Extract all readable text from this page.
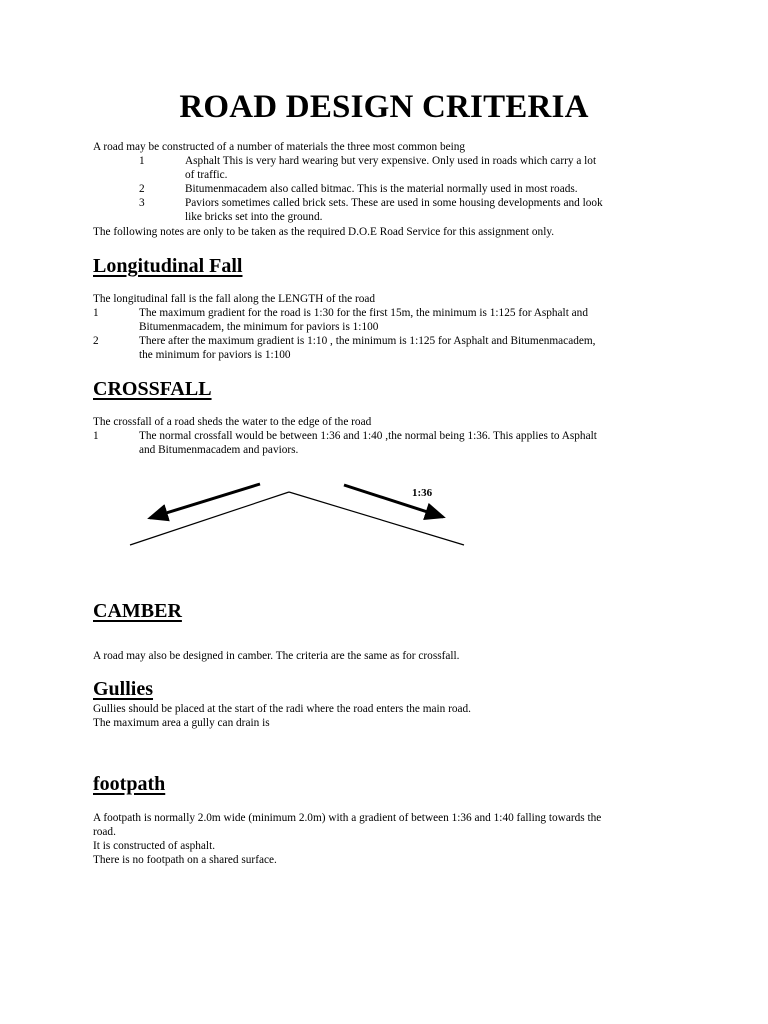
ROAD DESIGN CRITERIA
A road may be constructed of a number of materials the three most common being
1	Asphalt This is very hard wearing but very expensive. Only used in roads which carry a lot
of traffic.
2	Bitumenmacadem also called bitmac. This is the material normally used in most roads.
3	Paviors sometimes called brick sets. These are used in some housing developments and look
like bricks set into the ground.
The following notes are only to be taken as the required D.O.E Road Service for this assignment only.
Longitudinal Fall
The longitudinal fall is the fall along the LENGTH of the road
1	The maximum gradient for the road is 1:30 for the first 15m, the minimum is 1:125 for Asphalt and
Bitumenmacadem, the minimum for paviors is 1:100
2	There after the maximum gradient is 1:10 , the minimum is 1:125 for Asphalt and Bitumenmacadem,
the minimum for paviors is 1:100
CROSSFALL
The crossfall of a road sheds the water to the edge of the road
1	The normal crossfall would be between 1:36 and 1:40 ,the normal being 1:36. This applies to Asphalt
and Bitumenmacadem and paviors.
1:36
CAMBER
A road may also be designed in camber. The criteria are the same as for crossfall.
Gullies
Gullies should be placed at the start of the radi where the road enters the main road.
The maximum area a gully can drain is
footpath
A footpath is normally 2.0m wide (minimum 2.0m) with a gradient of between 1:36 and 1:40 falling towards the
road.
It is constructed of asphalt.
There is no footpath on a shared surface.
